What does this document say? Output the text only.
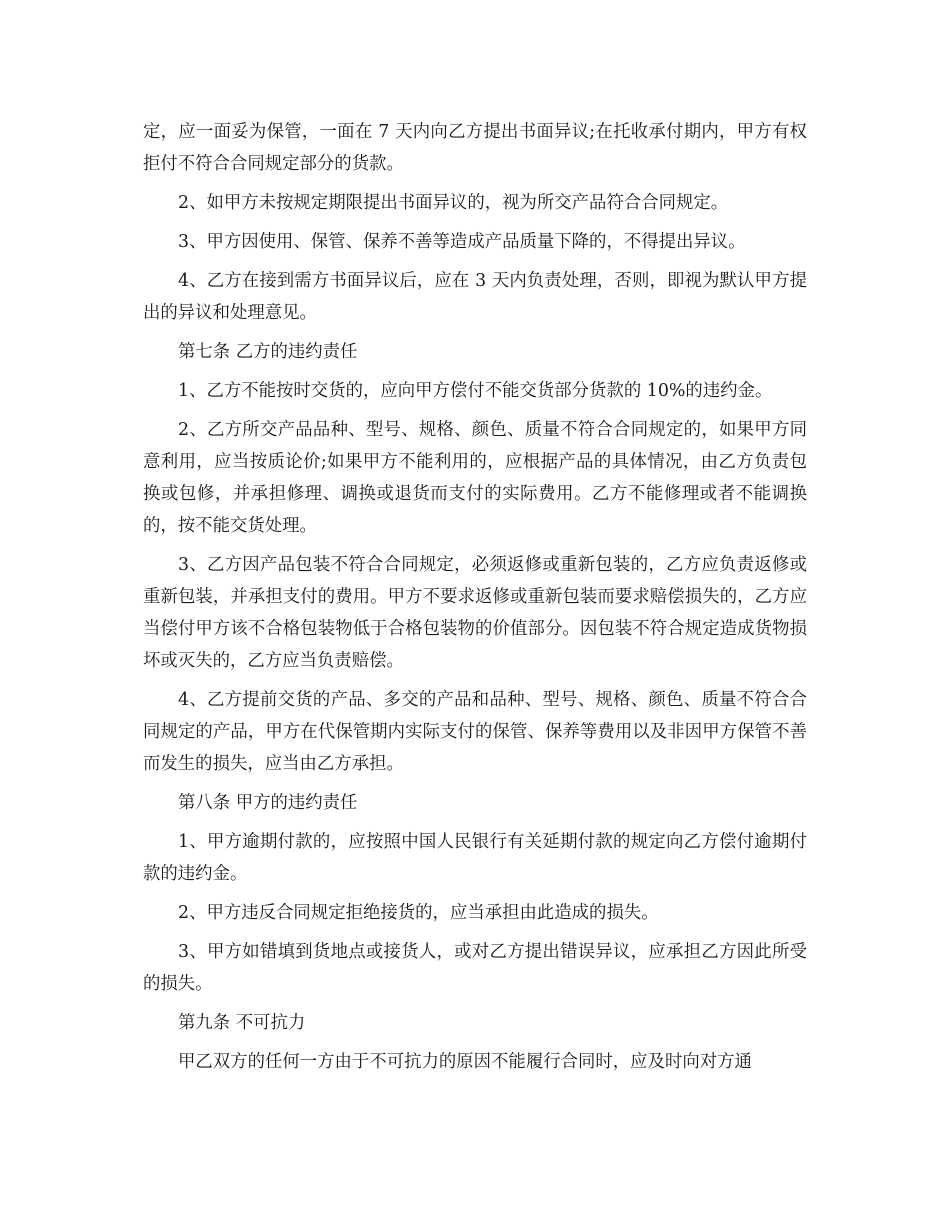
定，应一面妥为保管，一面在 7 天内向乙方提出书面异议;在托收承付期内，甲方有权拒付不符合合同规定部分的货款。

2、如甲方未按规定期限提出书面异议的，视为所交产品符合合同规定。

3、甲方因使用、保管、保养不善等造成产品质量下降的，不得提出异议。

4、乙方在接到需方书面异议后，应在 3 天内负责处理，否则，即视为默认甲方提出的异议和处理意见。

第七条 乙方的违约责任

1、乙方不能按时交货的，应向甲方偿付不能交货部分货款的 10%的违约金。

2、乙方所交产品品种、型号、规格、颜色、质量不符合合同规定的，如果甲方同意利用，应当按质论价;如果甲方不能利用的，应根据产品的具体情况，由乙方负责包换或包修，并承担修理、调换或退货而支付的实际费用。乙方不能修理或者不能调换的，按不能交货处理。

3、乙方因产品包装不符合合同规定，必须返修或重新包装的，乙方应负责返修或重新包装，并承担支付的费用。甲方不要求返修或重新包装而要求赔偿损失的，乙方应当偿付甲方该不合格包装物低于合格包装物的价值部分。因包装不符合规定造成货物损坏或灭失的，乙方应当负责赔偿。

4、乙方提前交货的产品、多交的产品和品种、型号、规格、颜色、质量不符合合同规定的产品，甲方在代保管期内实际支付的保管、保养等费用以及非因甲方保管不善而发生的损失，应当由乙方承担。

第八条 甲方的违约责任

1、甲方逾期付款的，应按照中国人民银行有关延期付款的规定向乙方偿付逾期付款的违约金。

2、甲方违反合同规定拒绝接货的，应当承担由此造成的损失。

3、甲方如错填到货地点或接货人，或对乙方提出错误异议，应承担乙方因此所受的损失。

第九条 不可抗力

甲乙双方的任何一方由于不可抗力的原因不能履行合同时，应及时向对方通
